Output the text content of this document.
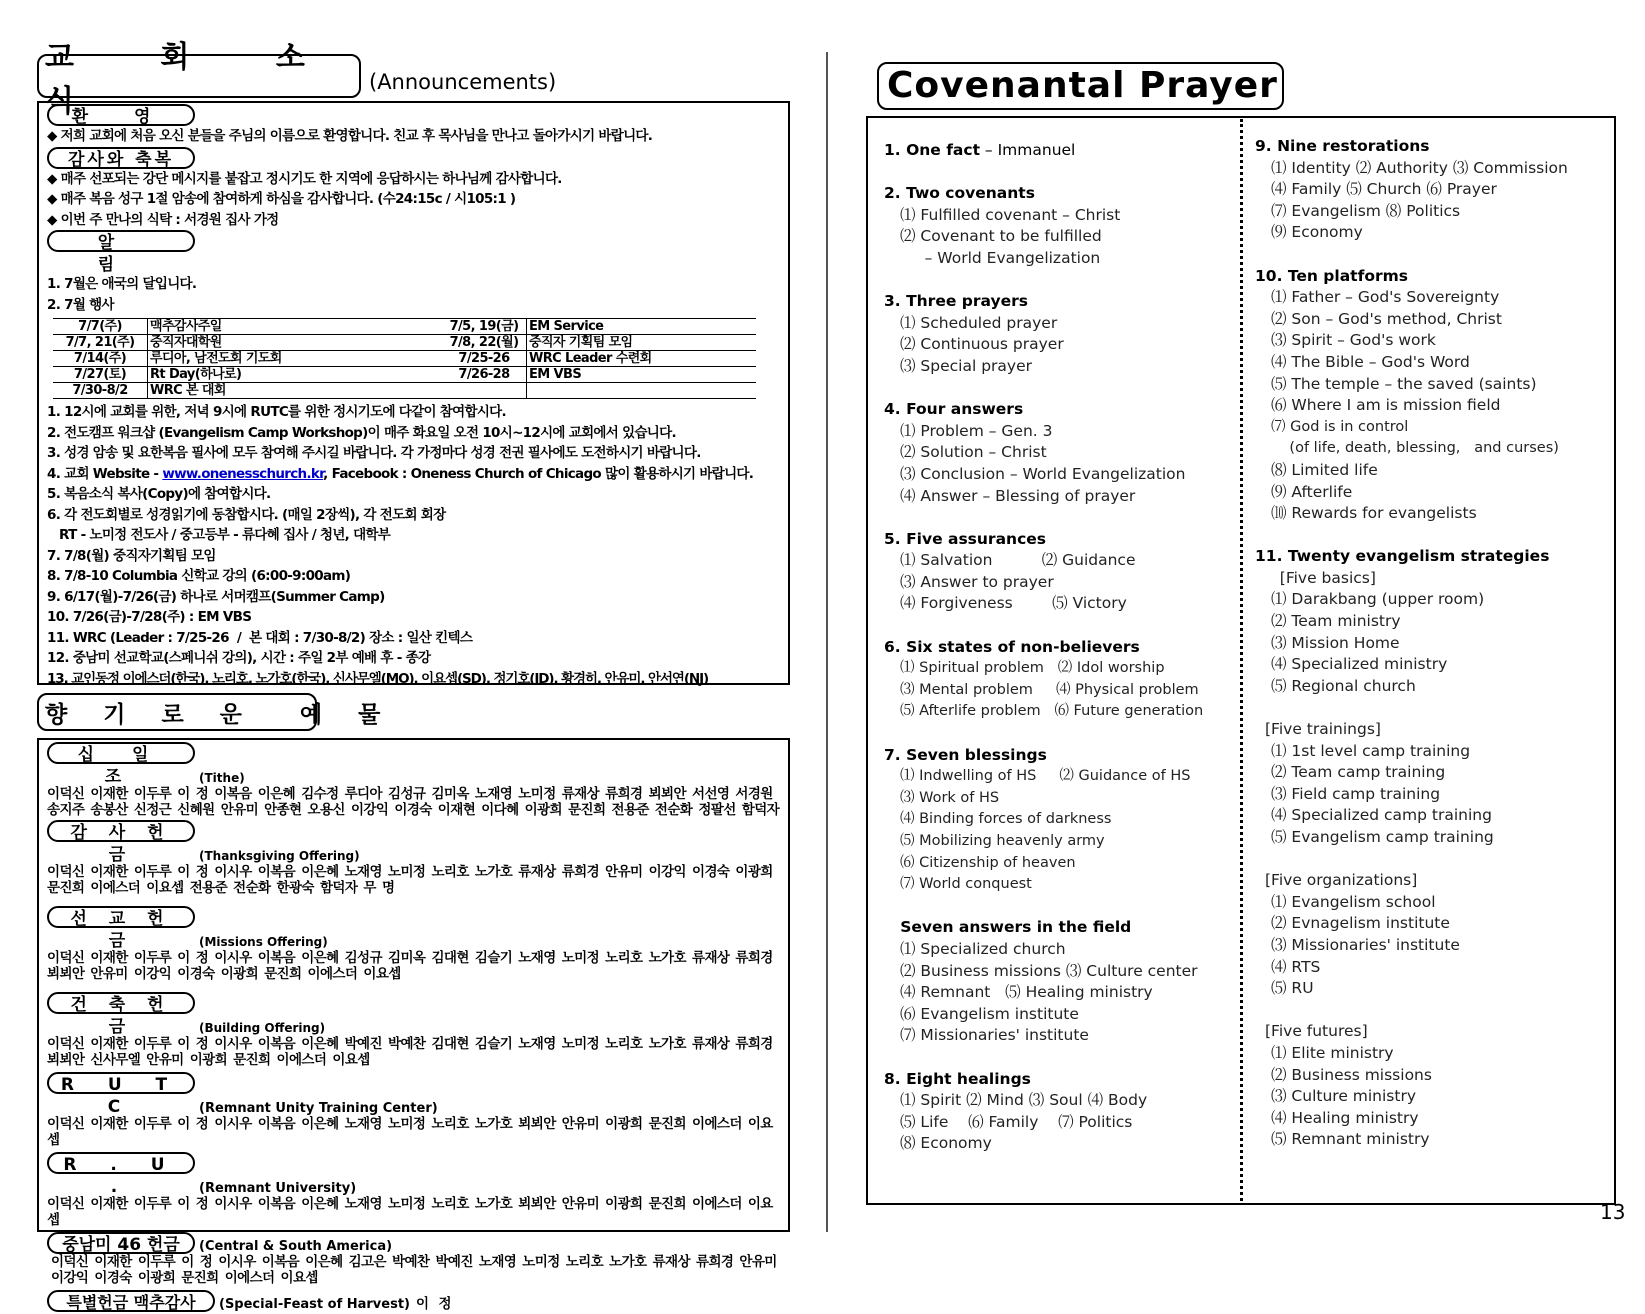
교 회 소 식
(Announcements)
환 영
◆ 저희 교회에 처음 오신 분들을 주님의 이름으로 환영합니다. 친교 후 목사님을 만나고 돌아가시기 바랍니다.
감사와 축복
◆ 매주 선포되는 강단 메시지를 붙잡고 정시기도 한 지역에 응답하시는 하나님께 감사합니다.
◆ 매주 복음 성구 1절 암송에 참여하게 하심을 감사합니다. (수24:15c / 시105:1 )
◆ 이번 주 만나의 식탁 : 서경원 집사 가정
알 림
1. 7월은 애국의 달입니다.
2. 7월 행사
7/7(주)	맥추감사주일	7/5, 19(금)	EM Service
7/7, 21(주)	중직자대학원	7/8, 22(월)	중직자 기획팀 모임
7/14(주)	루디아, 남전도회 기도회	7/25-26	WRC Leader 수련회
7/27(토)	Rt Day(하나로)	7/26-28	EM VBS
7/30-8/2	WRC 본 대회		
1. 12시에 교회를 위한, 저녁 9시에 RUTC를 위한 정시기도에 다같이 참여합시다.
2. 전도캠프 워크샵 (Evangelism Camp Workshop)이 매주 화요일 오전 10시~12시에 교회에서 있습니다.
3. 성경 암송 및 요한복음 필사에 모두 참여해 주시길 바랍니다. 각 가정마다 성경 전권 필사에도 도전하시기 바랍니다.
4. 교회 Website - www.onenesschurch.kr, Facebook : Oneness Church of Chicago 많이 활용하시기 바랍니다.
5. 복음소식 복사(Copy)에 참여합시다.
6. 각 전도회별로 성경읽기에 동참합시다. (매일 2장씩), 각 전도회 회장
RT - 노미정 전도사 / 중고등부 - 류다혜 집사 / 청년, 대학부
7. 7/8(월) 중직자기획팀 모임
8. 7/8-10 Columbia 신학교 강의 (6:00-9:00am)
9. 6/17(월)-7/26(금) 하나로 서머캠프(Summer Camp)
10. 7/26(금)-7/28(주) : EM VBS
11. WRC (Leader : 7/25-26  /  본 대회 : 7/30-8/2) 장소 : 일산 킨텍스
12. 중남미 선교학교(스페니쉬 강의), 시간 : 주일 2부 예배 후 - 종강
13. 교인동정 이에스더(한국), 노리호, 노가호(한국), 신사무엘(MO), 이요셉(SD), 정기호(ID), 황경히, 안유미, 안서연(NJ)
향 기 로 운  예 물
십 일 조	(Tithe)
이덕신 이재한 이두루 이 정 이복음 이은혜 김수정 루디아 김성규 김미옥 노재영 노미정 류재상 류희경 뵈뵈안 서선영 서경원 송지주 송봉산 신정근 신혜원 안유미 안종현 오용신 이강익 이경숙 이재현 이다혜 이광희 문진희 전용준 전순화 정팔선 함덕자
감 사 헌 금	(Thanksgiving Offering)
이덕신 이재한 이두루 이 정 이시우 이복음 이은혜 노재영 노미정 노리호 노가호 류재상 류희경 안유미 이강익 이경숙 이광희 문진희 이에스더 이요셉 전용준 전순화 한광숙 함덕자 무 명
선 교 헌 금	(Missions Offering)
이덕신 이재한 이두루 이 정 이시우 이복음 이은혜 김성규 김미옥 김대현 김슬기 노재영 노미정 노리호 노가호 류재상 류희경 뵈뵈안 안유미 이강익 이경숙 이광희 문진희 이에스더 이요셉
건 축 헌 금	(Building Offering)
이덕신 이재한 이두루 이 정 이시우 이복음 이은혜 박예진 박예찬 김대현 김슬기 노재영 노미정 노리호 노가호 류재상 류희경 뵈뵈안 신사무엘 안유미 이광희 문진희 이에스더 이요셉
R U T C	(Remnant Unity Training Center)
이덕신 이재한 이두루 이 정 이시우 이복음 이은혜 노재영 노미정 노리호 노가호 뵈뵈안 안유미 이광희 문진희 이에스더 이요셉
R . U .	(Remnant University)
이덕신 이재한 이두루 이 정 이시우 이복음 이은혜 노재영 노미정 노리호 노가호 뵈뵈안 안유미 이광희 문진희 이에스더 이요셉
중남미 46 헌금 (Central & South America)
이덕신 이재한 이두루 이 정 이시우 이복음 이은혜 김고은 박예찬 박예진 노재영 노미정 노리호 노가호 류재상 류희경 안유미 이강익 이경숙 이광희 문진희 이에스더 이요셉
특별헌금 맥추감사 (Special-Feast of Harvest) 이  정
Covenantal Prayer
1. One fact – Immanuel
2. Two covenants
⑴ Fulfilled covenant – Christ
⑵ Covenant to be fulfilled
– World Evangelization
3. Three prayers
⑴ Scheduled prayer
⑵ Continuous prayer
⑶ Special prayer
4. Four answers
⑴ Problem – Gen. 3
⑵ Solution – Christ
⑶ Conclusion – World Evangelization
⑷ Answer – Blessing of prayer
5. Five assurances
⑴ Salvation          ⑵ Guidance
⑶ Answer to prayer
⑷ Forgiveness        ⑸ Victory
6. Six states of non-believers
⑴ Spiritual problem   ⑵ Idol worship
⑶ Mental problem     ⑷ Physical problem
⑸ Afterlife problem   ⑹ Future generation
7. Seven blessings
⑴ Indwelling of HS     ⑵ Guidance of HS
⑶ Work of HS
⑷ Binding forces of darkness
⑸ Mobilizing heavenly army
⑹ Citizenship of heaven
⑺ World conquest
Seven answers in the field
⑴ Specialized church
⑵ Business missions ⑶ Culture center
⑷ Remnant   ⑸ Healing ministry
⑹ Evangelism institute
⑺ Missionaries' institute
8. Eight healings
⑴ Spirit ⑵ Mind ⑶ Soul ⑷ Body
⑸ Life    ⑹ Family    ⑺ Politics
⑻ Economy
9. Nine restorations
⑴ Identity ⑵ Authority ⑶ Commission
⑷ Family ⑸ Church ⑹ Prayer
⑺ Evangelism ⑻ Politics
⑼ Economy
10. Ten platforms
⑴ Father – God's Sovereignty
⑵ Son – God's method, Christ
⑶ Spirit – God's work
⑷ The Bible – God's Word
⑸ The temple – the saved (saints)
⑹ Where I am is mission field
⑺ God is in control
(of life, death, blessing,   and curses)
⑻ Limited life
⑼ Afterlife
⑽ Rewards for evangelists
11. Twenty evangelism strategies
[Five basics]
⑴ Darakbang (upper room)
⑵ Team ministry
⑶ Mission Home
⑷ Specialized ministry
⑸ Regional church
[Five trainings]
⑴ 1st level camp training
⑵ Team camp training
⑶ Field camp training
⑷ Specialized camp training
⑸ Evangelism camp training
[Five organizations]
⑴ Evangelism school
⑵ Evnagelism institute
⑶ Missionaries' institute
⑷ RTS
⑸ RU
[Five futures]
⑴ Elite ministry
⑵ Business missions
⑶ Culture ministry
⑷ Healing ministry
⑸ Remnant ministry
13
